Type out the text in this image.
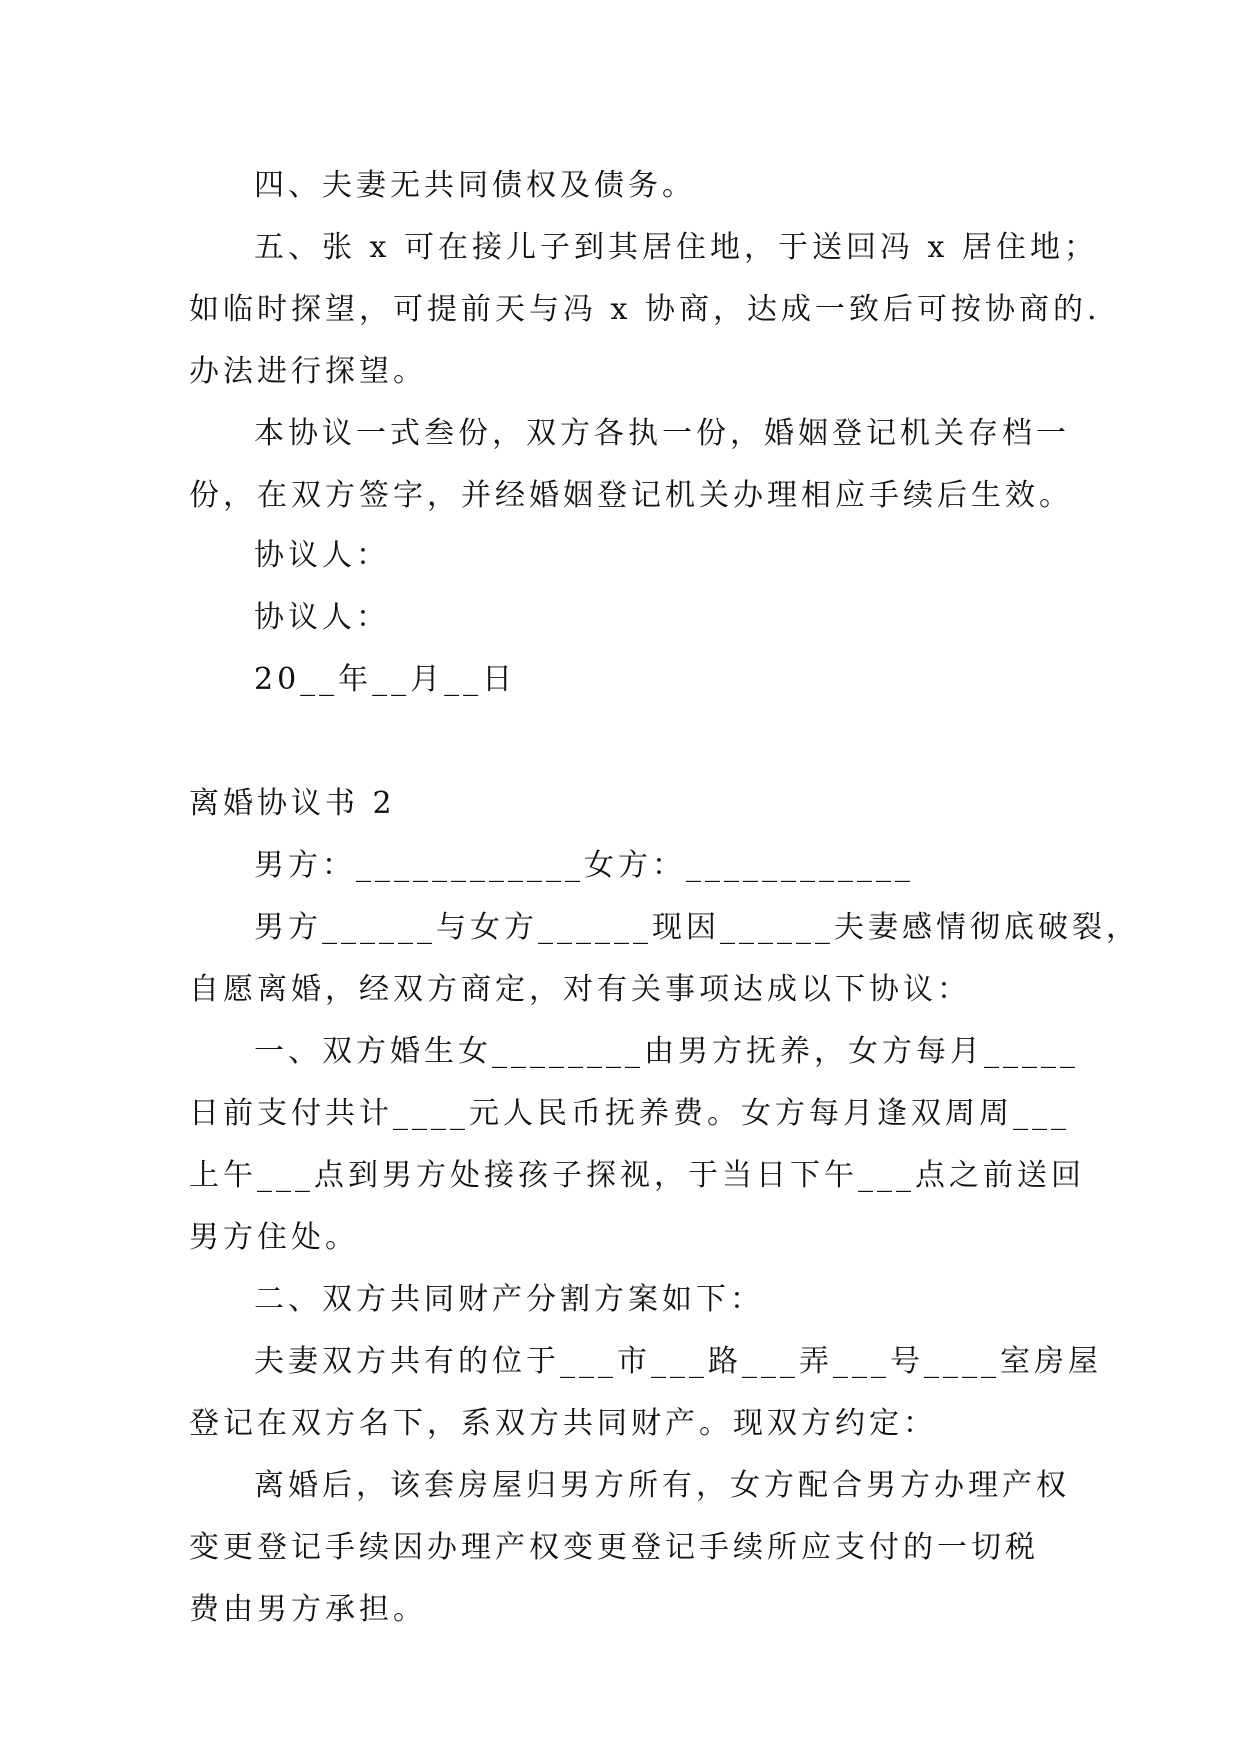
四、夫妻无共同债权及债务。

五、张 x 可在接儿子到其居住地，于送回冯 x 居住地；

如临时探望，可提前天与冯 x 协商，达成一致后可按协商的.

办法进行探望。

本协议一式叁份，双方各执一份，婚姻登记机关存档一

份，在双方签字，并经婚姻登记机关办理相应手续后生效。

协议人：

协议人：

20__年__月__日

离婚协议书 2

男方：____________女方：____________

男方______与女方______现因______夫妻感情彻底破裂，

自愿离婚，经双方商定，对有关事项达成以下协议：

一、双方婚生女________由男方抚养，女方每月_____

日前支付共计____元人民币抚养费。女方每月逢双周周___

上午___点到男方处接孩子探视，于当日下午___点之前送回

男方住处。

二、双方共同财产分割方案如下：

夫妻双方共有的位于___市___路___弄___号____室房屋

登记在双方名下，系双方共同财产。现双方约定：

离婚后，该套房屋归男方所有，女方配合男方办理产权

变更登记手续因办理产权变更登记手续所应支付的一切税

费由男方承担。
